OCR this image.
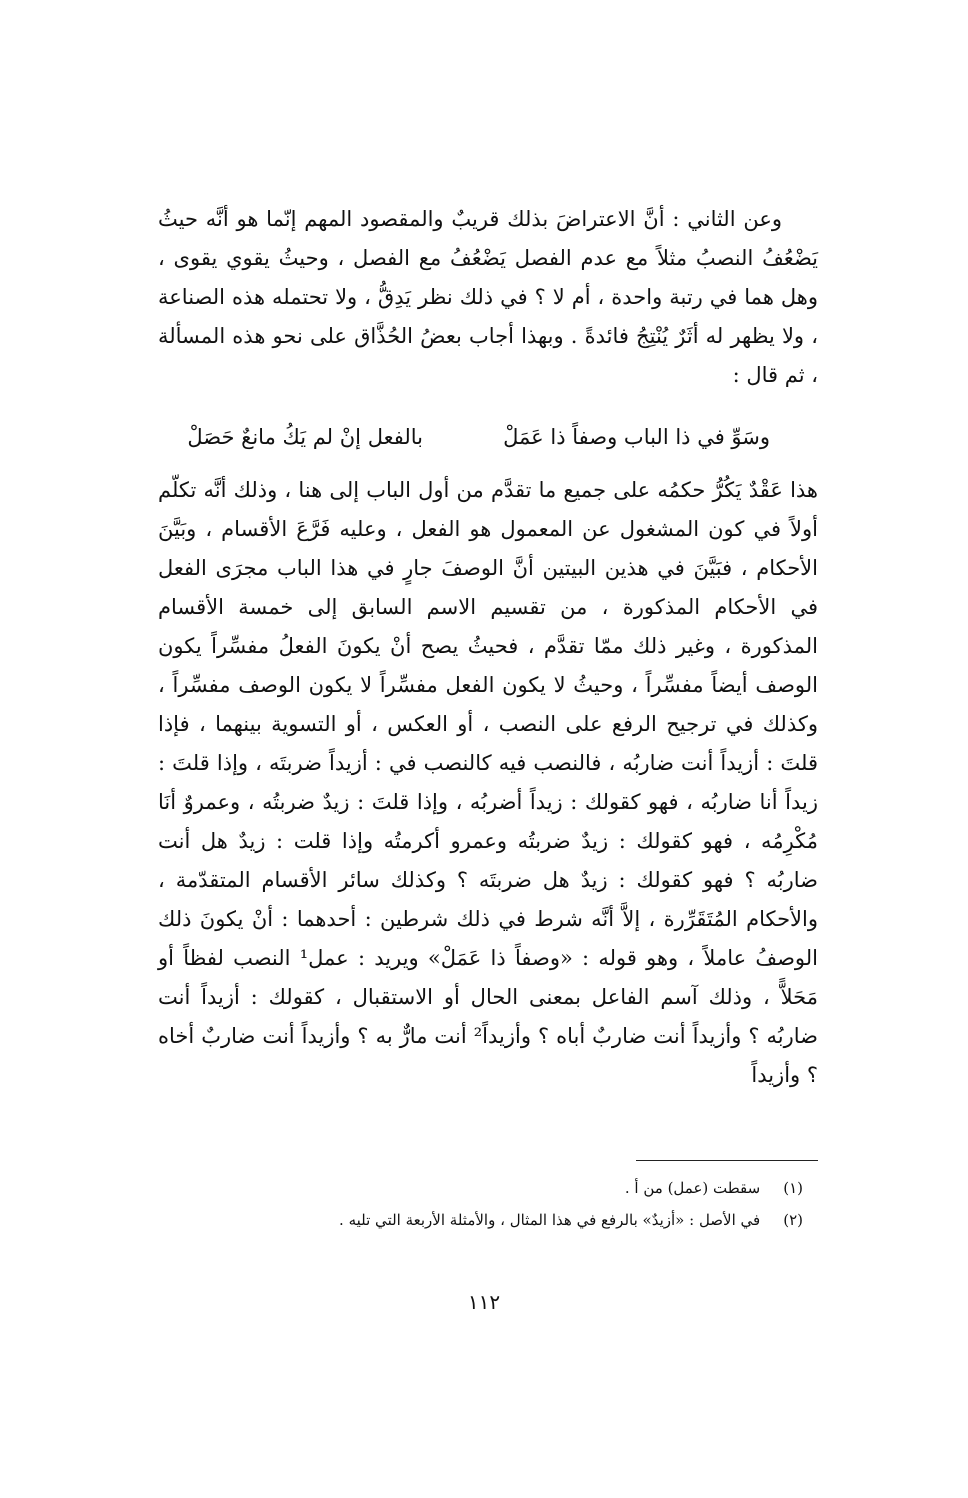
وعن الثاني : أنَّ الاعتراضَ بذلك قريبٌ والمقصود المهم إنّما هو أنَّه حيثُ يَضْعُفُ النصبُ مثلاً مع عدم الفصل يَضْعُفُ مع الفصل ، وحيثُ يقوي يقوى ، وهل هما في رتبة واحدة ، أم لا ؟ في ذلك نظر يَدِقُّ ، ولا تحتمله هذه الصناعة ، ولا يظهر له أثَرٌ يُنْتِجُ فائدةً . وبهذا أجاب بعضُ الحُذَّاق على نحو هذه المسألة ، ثم قال :

وسَوِّ في ذا الباب وصفاً ذا عَمَلْ
بالفعل إنْ لم يَكُ مانعٌ حَصَلْ

هذا عَقْدٌ يَكُرُّ حكمُه على جميع ما تقدَّم من أول الباب إلى هنا ، وذلك أنَّه تكلّم أولاً في كون المشغول عن المعمول هو الفعل ، وعليه فَرَّعَ الأقسام ، وبَيَّنَ الأحكام ، فبَيَّنَ في هذين البيتين أنَّ الوصفَ جارٍ في هذا الباب مجرَى الفعل في الأحكام المذكورة ، من تقسيم الاسم السابق إلى خمسة الأقسام المذكورة ، وغير ذلك ممّا تقدَّم ، فحيثُ يصح أنْ يكونَ الفعلُ مفسِّراً يكون الوصف أيضاً مفسِّراً ، وحيثُ لا يكون الفعل مفسِّراً لا يكون الوصف مفسِّراً ، وكذلك في ترجيح الرفع على النصب ، أو العكس ، أو التسوية بينهما ، فإذا قلتَ : أزيداً أنت ضاربُه ، فالنصب فيه كالنصب في : أزيداً ضربتَه ، وإذا قلتَ : زيداً أنا ضاربُه ، فهو كقولك : زيداً أضربُه ، وإذا قلتَ : زيدٌ ضربتُه ، وعمروٌ أنَا مُكْرِمُه ، فهو كقولك : زيدٌ ضربتُه وعمرو أكرمتُه وإذا قلت : زيدٌ هل أنت ضاربُه ؟ فهو كقولك : زيدٌ هل ضربتَه ؟ وكذلك سائر الأقسام المتقدّمة ، والأحكام المُتَقَرِّرة ، إلاَّ أنَّه شرط في ذلك شرطين : أحدهما : أنْ يكونَ ذلك الوصفُ عاملاً ، وهو قوله : «وصفاً ذا عَمَلْ» ويريد : عمل¹ النصب لفظاً أو مَحَلاًّ ، وذلك آسم الفاعل بمعنى الحال أو الاستقبال ، كقولك : أزيداً أنت ضاربُه ؟ وأزيداً أنت ضاربٌ أباه ؟ وأزيداً² أنت مارٌّ به ؟ وأزيداً أنت ضاربٌ أخاه ؟ وأزيداً

(١) سقطت (عمل) من أ .
(٢) في الأصل : «أزيدٌ» بالرفع في هذا المثال ، والأمثلة الأربعة التي تليه .
١١٢
